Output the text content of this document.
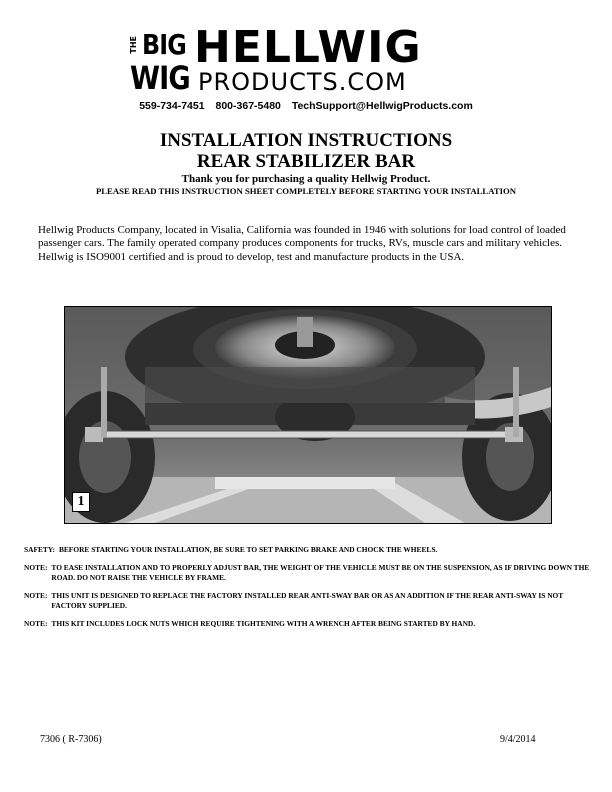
THE BIG
WIG
HELLWIG
PRODUCTS.COM
559-734-7451 800-367-5480 TechSupport@HellwigProducts.com
INSTALLATION INSTRUCTIONS
REAR STABILIZER BAR
Thank you for purchasing a quality Hellwig Product.
PLEASE READ THIS INSTRUCTION SHEET COMPLETELY BEFORE STARTING YOUR INSTALLATION
Hellwig Products Company, located in Visalia, California was founded in 1946 with solutions for load control of loaded passenger cars. The family operated company produces components for trucks, RVs, muscle cars and military vehicles. Hellwig is ISO9001 certified and is proud to develop, test and manufacture products in the USA.
1
SAFETY: BEFORE STARTING YOUR INSTALLATION, BE SURE TO SET PARKING BRAKE AND CHOCK THE WHEELS.
NOTE: TO EASE INSTALLATION AND TO PROPERLY ADJUST BAR, THE WEIGHT OF THE VEHICLE MUST BE ON THE SUSPENSION, AS IF DRIVING DOWN THE ROAD. DO NOT RAISE THE VEHICLE BY FRAME.
NOTE: THIS UNIT IS DESIGNED TO REPLACE THE FACTORY INSTALLED REAR ANTI-SWAY BAR OR AS AN ADDITION IF THE REAR ANTI-SWAY IS NOT FACTORY SUPPLIED.
NOTE: THIS KIT INCLUDES LOCK NUTS WHICH REQUIRE TIGHTENING WITH A WRENCH AFTER BEING STARTED BY HAND.
7306 ( R-7306)	9/4/2014
